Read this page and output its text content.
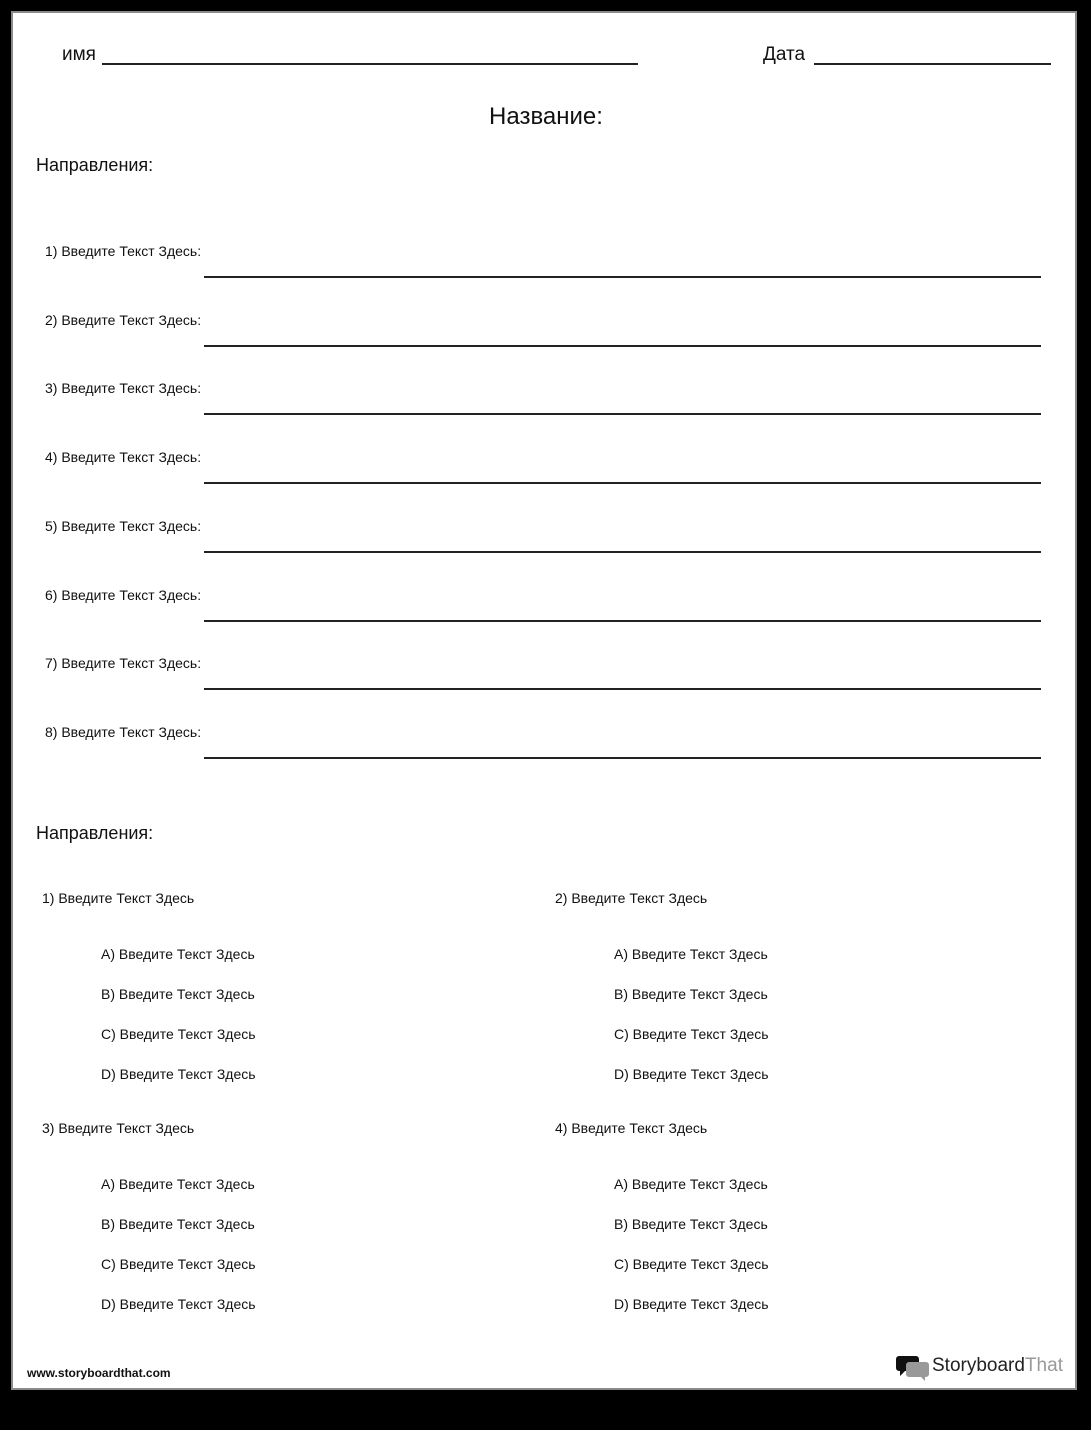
имя	Дата
Название:
Направления:
1) Введите Текст Здесь:
2) Введите Текст Здесь:
3) Введите Текст Здесь:
4) Введите Текст Здесь:
5) Введите Текст Здесь:
6) Введите Текст Здесь:
7) Введите Текст Здесь:
8) Введите Текст Здесь:
Направления:
1) Введите Текст Здесь
A) Введите Текст Здесь
B) Введите Текст Здесь
C) Введите Текст Здесь
D) Введите Текст Здесь
2) Введите Текст Здесь
A) Введите Текст Здесь
B) Введите Текст Здесь
C) Введите Текст Здесь
D) Введите Текст Здесь
3) Введите Текст Здесь
A) Введите Текст Здесь
B) Введите Текст Здесь
C) Введите Текст Здесь
D) Введите Текст Здесь
4) Введите Текст Здесь
A) Введите Текст Здесь
B) Введите Текст Здесь
C) Введите Текст Здесь
D) Введите Текст Здесь
www.storyboardthat.com	StoryboardThat
